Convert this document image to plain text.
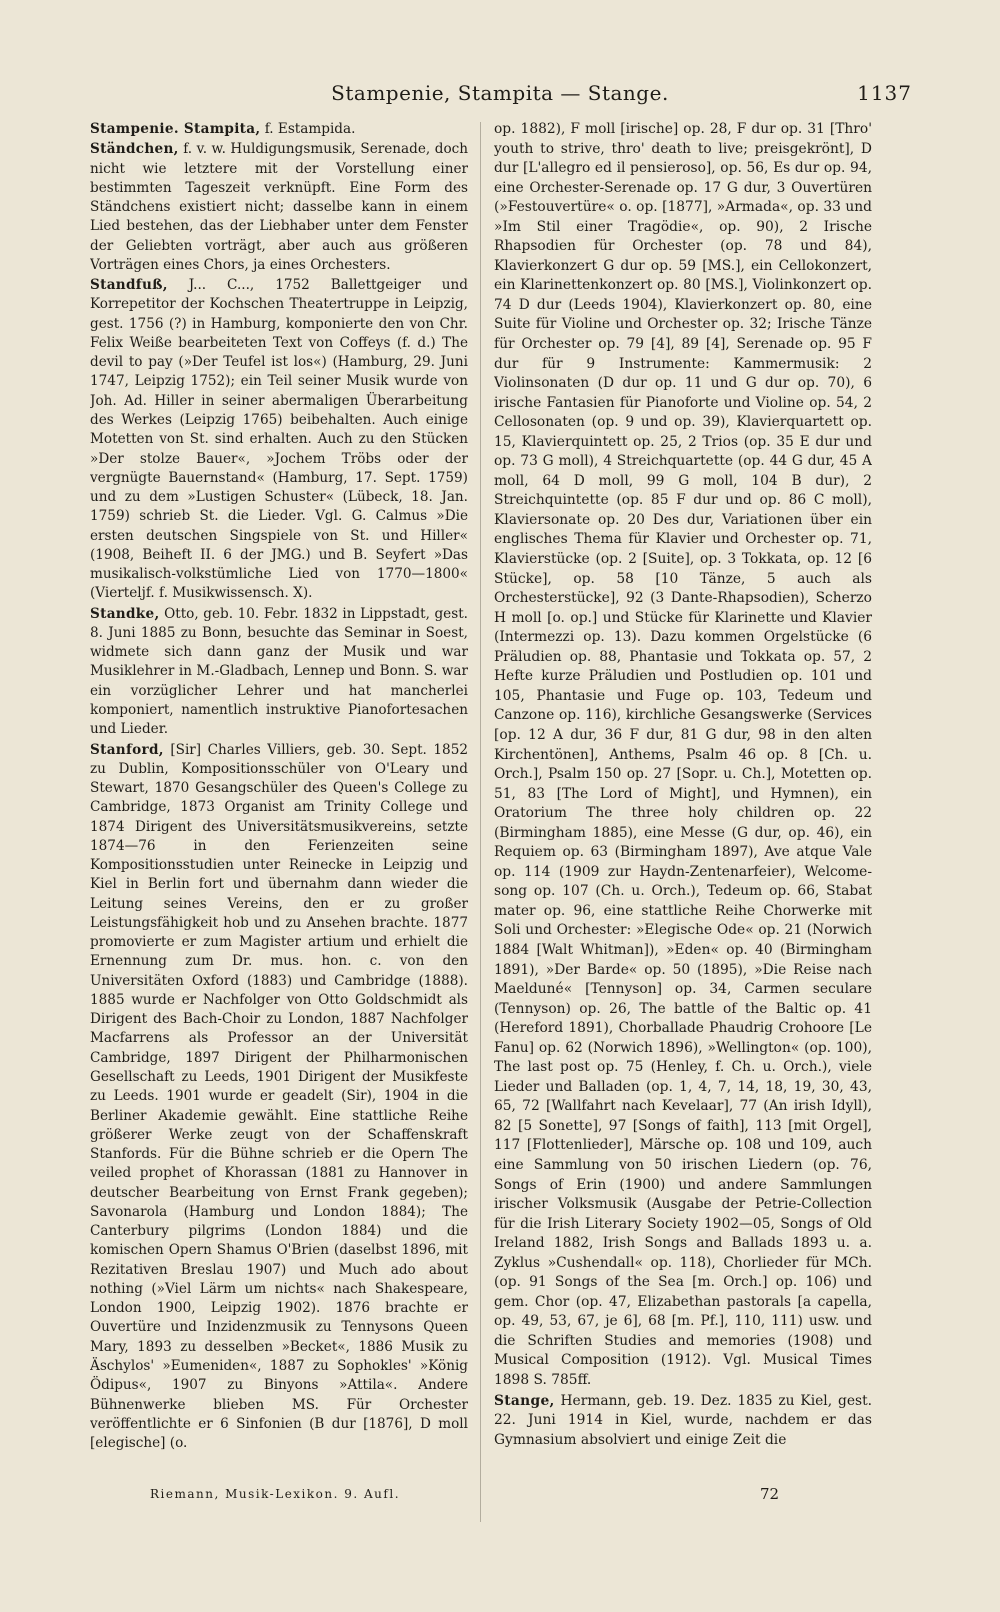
Stampenie, Stampita — Stange.	1137

Stampenie. Stampita, f. Estampida.

Ständchen, f. v. w. Huldigungsmusik, Serenade, doch nicht wie letztere mit der Vorstellung einer bestimmten Tageszeit verknüpft. Eine Form des Ständchens existiert nicht; dasselbe kann in einem Lied bestehen, das der Liebhaber unter dem Fenster der Geliebten vorträgt, aber auch aus größeren Vorträgen eines Chors, ja eines Orchesters.

Standfuß, J... C..., 1752 Ballettgeiger und Korrepetitor der Kochschen Theatertruppe in Leipzig, gest. 1756 (?) in Hamburg, komponierte den von Chr. Felix Weiße bearbeiteten Text von Coffeys (f. d.) The devil to pay (»Der Teufel ist los«) (Hamburg, 29. Juni 1747, Leipzig 1752); ein Teil seiner Musik wurde von Joh. Ad. Hiller in seiner abermaligen Überarbeitung des Werkes (Leipzig 1765) beibehalten. Auch einige Motetten von St. sind erhalten. Auch zu den Stücken »Der stolze Bauer«, »Jochem Tröbs oder der vergnügte Bauernstand« (Hamburg, 17. Sept. 1759) und zu dem »Lustigen Schuster« (Lübeck, 18. Jan. 1759) schrieb St. die Lieder. Vgl. G. Calmus »Die ersten deutschen Singspiele von St. und Hiller« (1908, Beiheft II. 6 der JMG.) und B. Seyfert »Das musikalisch-volkstümliche Lied von 1770—1800« (Vierteljf. f. Musikwissensch. X).

Standke, Otto, geb. 10. Febr. 1832 in Lippstadt, gest. 8. Juni 1885 zu Bonn, besuchte das Seminar in Soest, widmete sich dann ganz der Musik und war Musiklehrer in M.-Gladbach, Lennep und Bonn. S. war ein vorzüglicher Lehrer und hat mancherlei komponiert, namentlich instruktive Pianofortesachen und Lieder.

Stanford, [Sir] Charles Villiers, geb. 30. Sept. 1852 zu Dublin, Kompositionsschüler von O'Leary und Stewart, 1870 Gesangschüler des Queen's College zu Cambridge, 1873 Organist am Trinity College und 1874 Dirigent des Universitätsmusikvereins, setzte 1874—76 in den Ferienzeiten seine Kompositionsstudien unter Reinecke in Leipzig und Kiel in Berlin fort und übernahm dann wieder die Leitung seines Vereins, den er zu großer Leistungsfähigkeit hob und zu Ansehen brachte. 1877 promovierte er zum Magister artium und erhielt die Ernennung zum Dr. mus. hon. c. von den Universitäten Oxford (1883) und Cambridge (1888). 1885 wurde er Nachfolger von Otto Goldschmidt als Dirigent des Bach-Choir zu London, 1887 Nachfolger Macfarrens als Professor an der Universität Cambridge, 1897 Dirigent der Philharmonischen Gesellschaft zu Leeds, 1901 Dirigent der Musikfeste zu Leeds. 1901 wurde er geadelt (Sir), 1904 in die Berliner Akademie gewählt. Eine stattliche Reihe größerer Werke zeugt von der Schaffenskraft Stanfords. Für die Bühne schrieb er die Opern The veiled prophet of Khorassan (1881 zu Hannover in deutscher Bearbeitung von Ernst Frank gegeben); Savonarola (Hamburg und London 1884); The Canterbury pilgrims (London 1884) und die komischen Opern Shamus O'Brien (daselbst 1896, mit Rezitativen Breslau 1907) und Much ado about nothing (»Viel Lärm um nichts« nach Shakespeare, London 1900, Leipzig 1902). 1876 brachte er Ouvertüre und Inzidenzmusik zu Tennysons Queen Mary, 1893 zu desselben »Becket«, 1886 Musik zu Äschylos' »Eumeniden«, 1887 zu Sophokles' »König Ödipus«, 1907 zu Binyons »Attila«. Andere Bühnenwerke blieben MS. Für Orchester veröffentlichte er 6 Sinfonien (B dur [1876], D moll [elegische] (o.

op. 1882), F moll [irische] op. 28, F dur op. 31 [Thro' youth to strive, thro' death to live; preisgekrönt], D dur [L'allegro ed il pensieroso], op. 56, Es dur op. 94, eine Orchester-Serenade op. 17 G dur, 3 Ouvertüren (»Festouvertüre« o. op. [1877], »Armada«, op. 33 und »Im Stil einer Tragödie«, op. 90), 2 Irische Rhapsodien für Orchester (op. 78 und 84), Klavierkonzert G dur op. 59 [MS.], ein Cellokonzert, ein Klarinettenkonzert op. 80 [MS.], Violinkonzert op. 74 D dur (Leeds 1904), Klavierkonzert op. 80, eine Suite für Violine und Orchester op. 32; Irische Tänze für Orchester op. 79 [4], 89 [4], Serenade op. 95 F dur für 9 Instrumente: Kammermusik: 2 Violinsonaten (D dur op. 11 und G dur op. 70), 6 irische Fantasien für Pianoforte und Violine op. 54, 2 Cellosonaten (op. 9 und op. 39), Klavierquartett op. 15, Klavierquintett op. 25, 2 Trios (op. 35 E dur und op. 73 G moll), 4 Streichquartette (op. 44 G dur, 45 A moll, 64 D moll, 99 G moll, 104 B dur), 2 Streichquintette (op. 85 F dur und op. 86 C moll), Klaviersonate op. 20 Des dur, Variationen über ein englisches Thema für Klavier und Orchester op. 71, Klavierstücke (op. 2 [Suite], op. 3 Tokkata, op. 12 [6 Stücke], op. 58 [10 Tänze, 5 auch als Orchesterstücke], 92 (3 Dante-Rhapsodien), Scherzo H moll [o. op.] und Stücke für Klarinette und Klavier (Intermezzi op. 13). Dazu kommen Orgelstücke (6 Präludien op. 88, Phantasie und Tokkata op. 57, 2 Hefte kurze Präludien und Postludien op. 101 und 105, Phantasie und Fuge op. 103, Tedeum und Canzone op. 116), kirchliche Gesangswerke (Services [op. 12 A dur, 36 F dur, 81 G dur, 98 in den alten Kirchentönen], Anthems, Psalm 46 op. 8 [Ch. u. Orch.], Psalm 150 op. 27 [Sopr. u. Ch.], Motetten op. 51, 83 [The Lord of Might], und Hymnen), ein Oratorium The three holy children op. 22 (Birmingham 1885), eine Messe (G dur, op. 46), ein Requiem op. 63 (Birmingham 1897), Ave atque Vale op. 114 (1909 zur Haydn-Zentenarfeier), Welcome-song op. 107 (Ch. u. Orch.), Tedeum op. 66, Stabat mater op. 96, eine stattliche Reihe Chorwerke mit Soli und Orchester: »Elegische Ode« op. 21 (Norwich 1884 [Walt Whitman]), »Eden« op. 40 (Birmingham 1891), »Der Barde« op. 50 (1895), »Die Reise nach Maelduné« [Tennyson] op. 34, Carmen seculare (Tennyson) op. 26, The battle of the Baltic op. 41 (Hereford 1891), Chorballade Phaudrig Crohoore [Le Fanu] op. 62 (Norwich 1896), »Wellington« (op. 100), The last post op. 75 (Henley, f. Ch. u. Orch.), viele Lieder und Balladen (op. 1, 4, 7, 14, 18, 19, 30, 43, 65, 72 [Wallfahrt nach Kevelaar], 77 (An irish Idyll), 82 [5 Sonette], 97 [Songs of faith], 113 [mit Orgel], 117 [Flottenlieder], Märsche op. 108 und 109, auch eine Sammlung von 50 irischen Liedern (op. 76, Songs of Erin (1900) und andere Sammlungen irischer Volksmusik (Ausgabe der Petrie-Collection für die Irish Literary Society 1902—05, Songs of Old Ireland 1882, Irish Songs and Ballads 1893 u. a. Zyklus »Cushendall« op. 118), Chorlieder für MCh. (op. 91 Songs of the Sea [m. Orch.] op. 106) und gem. Chor (op. 47, Elizabethan pastorals [a capella, op. 49, 53, 67, je 6], 68 [m. Pf.], 110, 111) usw. und die Schriften Studies and memories (1908) und Musical Composition (1912). Vgl. Musical Times 1898 S. 785ff.

Stange, Hermann, geb. 19. Dez. 1835 zu Kiel, gest. 22. Juni 1914 in Kiel, wurde, nachdem er das Gymnasium absolviert und einige Zeit die

Riemann, Musik-Lexikon. 9. Aufl.	72
